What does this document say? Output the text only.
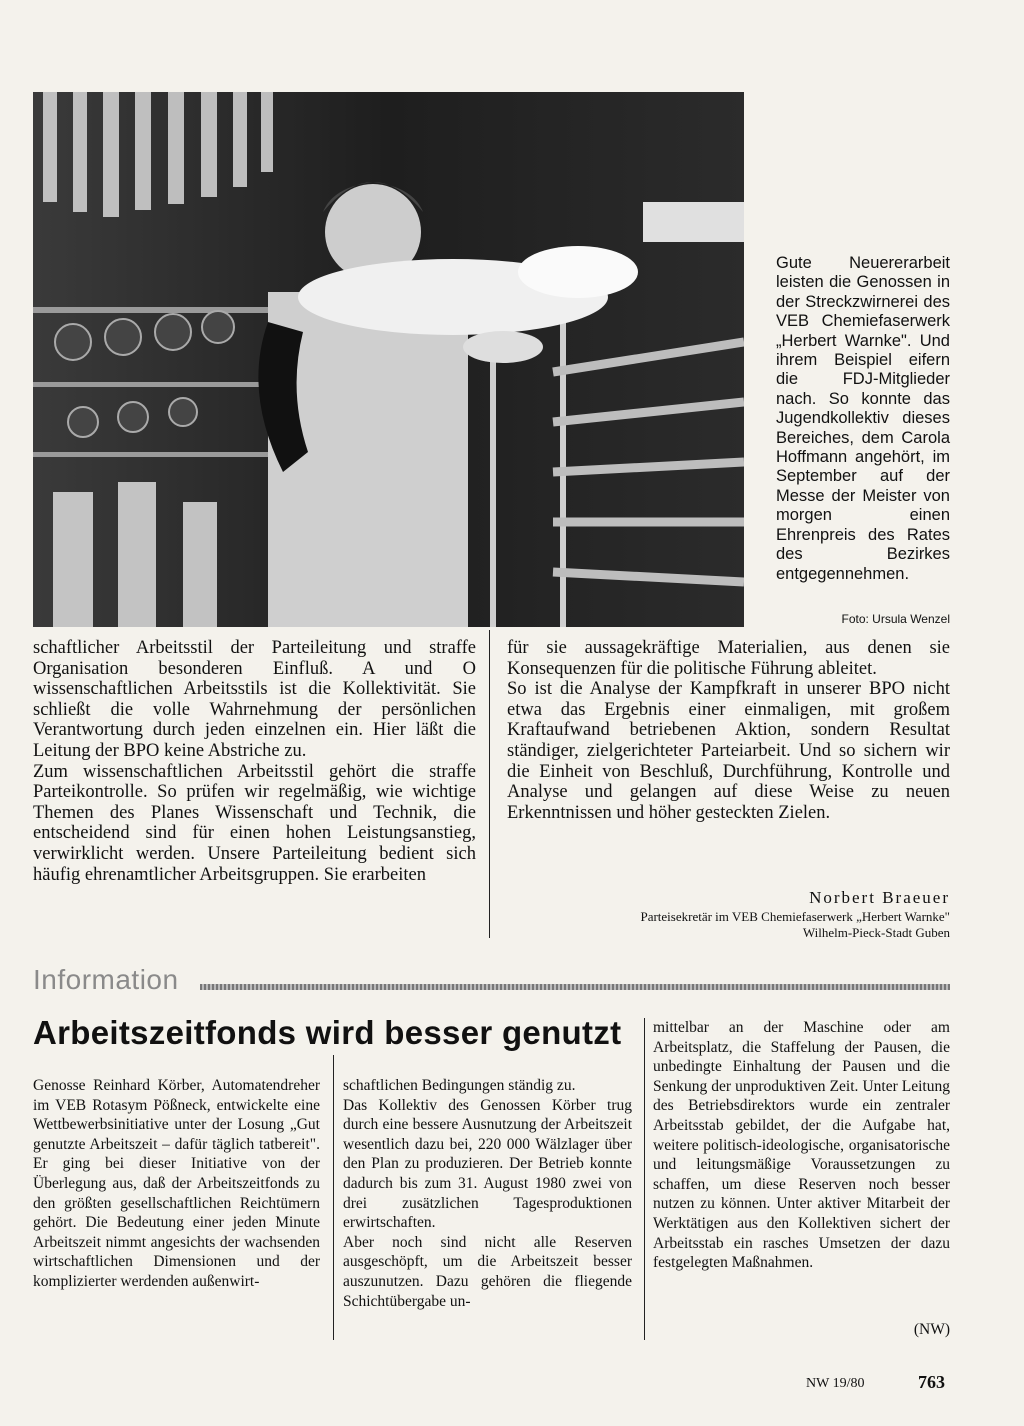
Gute Neuererarbeit leisten die Genossen in der Streckzwirnerei des VEB Chemiefaserwerk „Herbert Warnke". Und ihrem Beispiel eifern die FDJ-Mitglieder nach. So konnte das Jugendkollektiv dieses Bereiches, dem Carola Hoffmann angehört, im September auf der Messe der Meister von morgen einen Ehrenpreis des Rates des Bezirkes entgegennehmen.
Foto: Ursula Wenzel

schaftlicher Arbeitsstil der Parteileitung und straffe Organisation besonderen Einfluß. A und O wissenschaftlichen Arbeitsstils ist die Kollektivität. Sie schließt die volle Wahrnehmung der persönlichen Verantwortung durch jeden einzelnen ein. Hier läßt die Leitung der BPO keine Abstriche zu.

Zum wissenschaftlichen Arbeitsstil gehört die straffe Parteikontrolle. So prüfen wir regelmäßig, wie wichtige Themen des Planes Wissenschaft und Technik, die entscheidend sind für einen hohen Leistungsanstieg, verwirklicht werden. Unsere Parteileitung bedient sich häufig ehrenamtlicher Arbeitsgruppen. Sie erarbeiten

für sie aussagekräftige Materialien, aus denen sie Konsequenzen für die politische Führung ableitet.

So ist die Analyse der Kampfkraft in unserer BPO nicht etwa das Ergebnis einer einmaligen, mit großem Kraftaufwand betriebenen Aktion, sondern Resultat ständiger, zielgerichteter Parteiarbeit. Und so sichern wir die Einheit von Beschluß, Durchführung, Kontrolle und Analyse und gelangen auf diese Weise zu neuen Erkenntnissen und höher gesteckten Zielen.

Norbert Braeuer
Parteisekretär im VEB Chemiefaserwerk „Herbert Warnke"
Wilhelm-Pieck-Stadt Guben
Information
Arbeitszeitfonds wird besser genutzt

Genosse Reinhard Körber, Automatendreher im VEB Rotasym Pößneck, entwickelte eine Wettbewerbsinitiative unter der Losung „Gut genutzte Arbeitszeit – dafür täglich tatbereit". Er ging bei dieser Initiative von der Überlegung aus, daß der Arbeitszeitfonds zu den größten gesellschaftlichen Reichtümern gehört. Die Bedeutung einer jeden Minute Arbeitszeit nimmt angesichts der wachsenden wirtschaftlichen Dimensionen und der komplizierter werdenden außenwirt-

schaftlichen Bedingungen ständig zu.

Das Kollektiv des Genossen Körber trug durch eine bessere Ausnutzung der Arbeitszeit wesentlich dazu bei, 220 000 Wälzlager über den Plan zu produzieren. Der Betrieb konnte dadurch bis zum 31. August 1980 zwei von drei zusätzlichen Tagesproduktionen erwirtschaften.

Aber noch sind nicht alle Reserven ausgeschöpft, um die Arbeitszeit besser auszunutzen. Dazu gehören die fliegende Schichtübergabe un-

mittelbar an der Maschine oder am Arbeitsplatz, die Staffelung der Pausen, die unbedingte Einhaltung der Pausen und die Senkung der unproduktiven Zeit. Unter Leitung des Betriebsdirektors wurde ein zentraler Arbeitsstab gebildet, der die Aufgabe hat, weitere politisch-ideologische, organisatorische und leitungsmäßige Voraussetzungen zu schaffen, um diese Reserven noch besser nutzen zu können. Unter aktiver Mitarbeit der Werktätigen aus den Kollektiven sichert der Arbeitsstab ein rasches Umsetzen der dazu festgelegten Maßnahmen.

(NW)
NW 19/80	763
